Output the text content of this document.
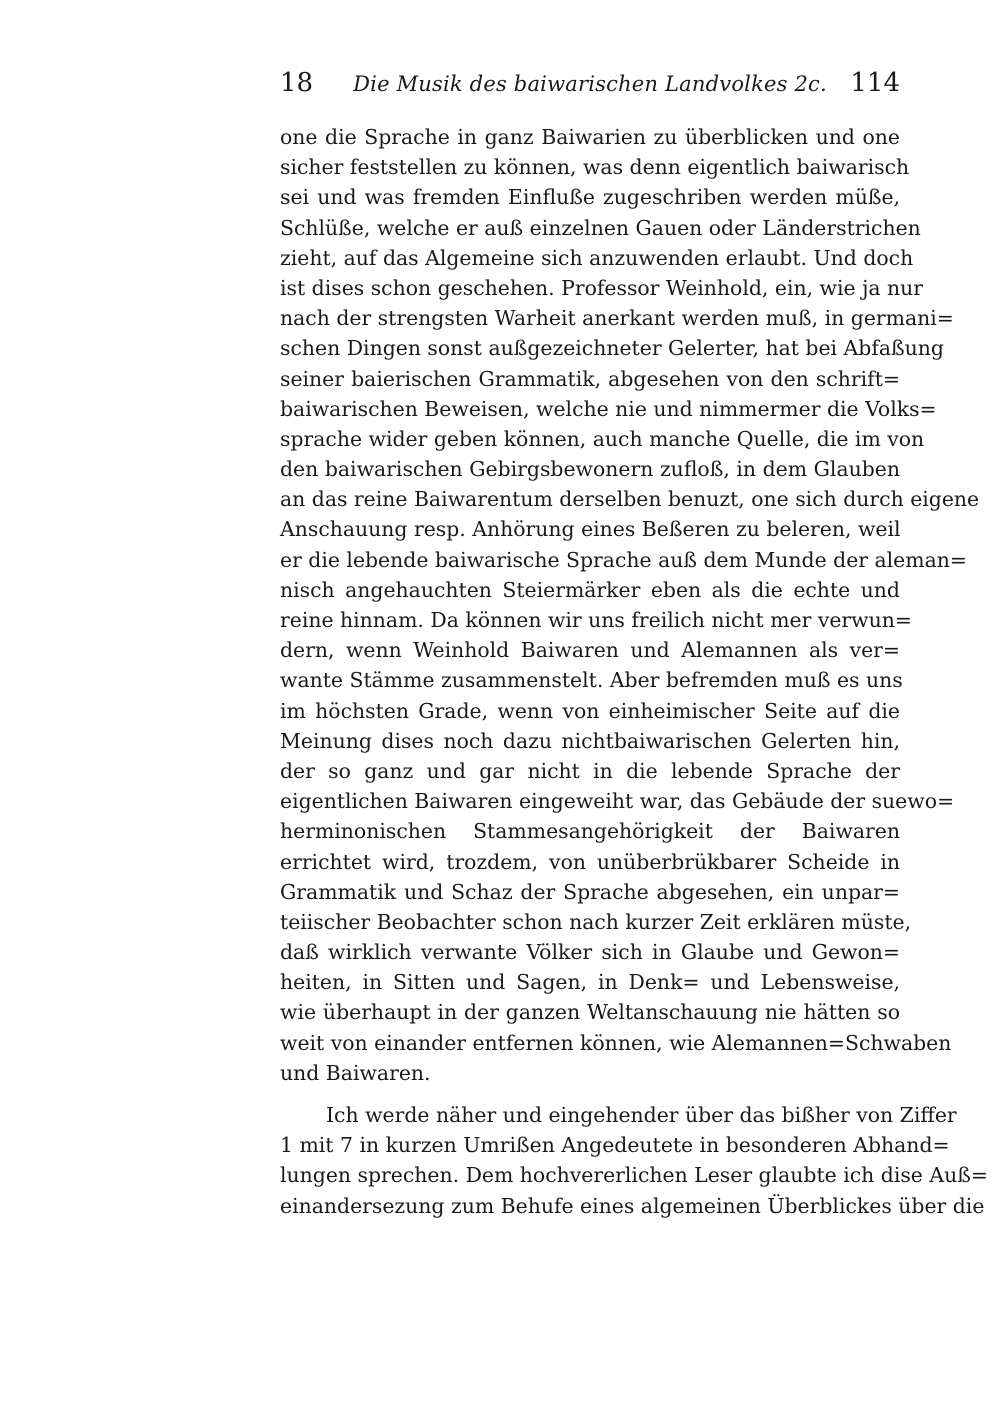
18	Die Musik des baiwarischen Landvolkes 2c. 114
one die Sprache in ganz Baiwarien zu überblicken und one
sicher feststellen zu können, was denn eigentlich baiwarisch
sei und was fremden Einfluße zugeschriben werden müße,
Schlüße, welche er auß einzelnen Gauen oder Länderstrichen
zieht, auf das Algemeine sich anzuwenden erlaubt. Und doch
ist dises schon geschehen. Professor Weinhold, ein, wie ja nur
nach der strengsten Warheit anerkant werden muß, in germani=
schen Dingen sonst außgezeichneter Gelerter, hat bei Abfaßung
seiner baierischen Grammatik, abgesehen von den schrift=
baiwarischen Beweisen, welche nie und nimmermer die Volks=
sprache wider geben können, auch manche Quelle, die im von
den baiwarischen Gebirgsbewonern zufloß, in dem Glauben
an das reine Baiwarentum derselben benuzt, one sich durch eigene
Anschauung resp. Anhörung eines Beßeren zu beleren, weil
er die lebende baiwarische Sprache auß dem Munde der aleman=
nisch angehauchten Steiermärker eben als die echte und
reine hinnam. Da können wir uns freilich nicht mer verwun=
dern, wenn Weinhold Baiwaren und Alemannen als ver=
wante Stämme zusammenstelt. Aber befremden muß es uns
im höchsten Grade, wenn von einheimischer Seite auf die
Meinung dises noch dazu nichtbaiwarischen Gelerten hin,
der so ganz und gar nicht in die lebende Sprache der
eigentlichen Baiwaren eingeweiht war, das Gebäude der suewo=
herminonischen Stammesangehörigkeit der Baiwaren
errichtet wird, trozdem, von unüberbrükbarer Scheide in
Grammatik und Schaz der Sprache abgesehen, ein unpar=
teiischer Beobachter schon nach kurzer Zeit erklären müste,
daß wirklich verwante Völker sich in Glaube und Gewon=
heiten, in Sitten und Sagen, in Denk= und Lebensweise,
wie überhaupt in der ganzen Weltanschauung nie hätten so
weit von einander entfernen können, wie Alemannen=Schwaben
und Baiwaren.
Ich werde näher und eingehender über das bißher von Ziffer
1 mit 7 in kurzen Umrißen Angedeutete in besonderen Abhand=
lungen sprechen. Dem hochvererlichen Leser glaubte ich dise Auß=
einandersezung zum Behufe eines algemeinen Überblickes über die
